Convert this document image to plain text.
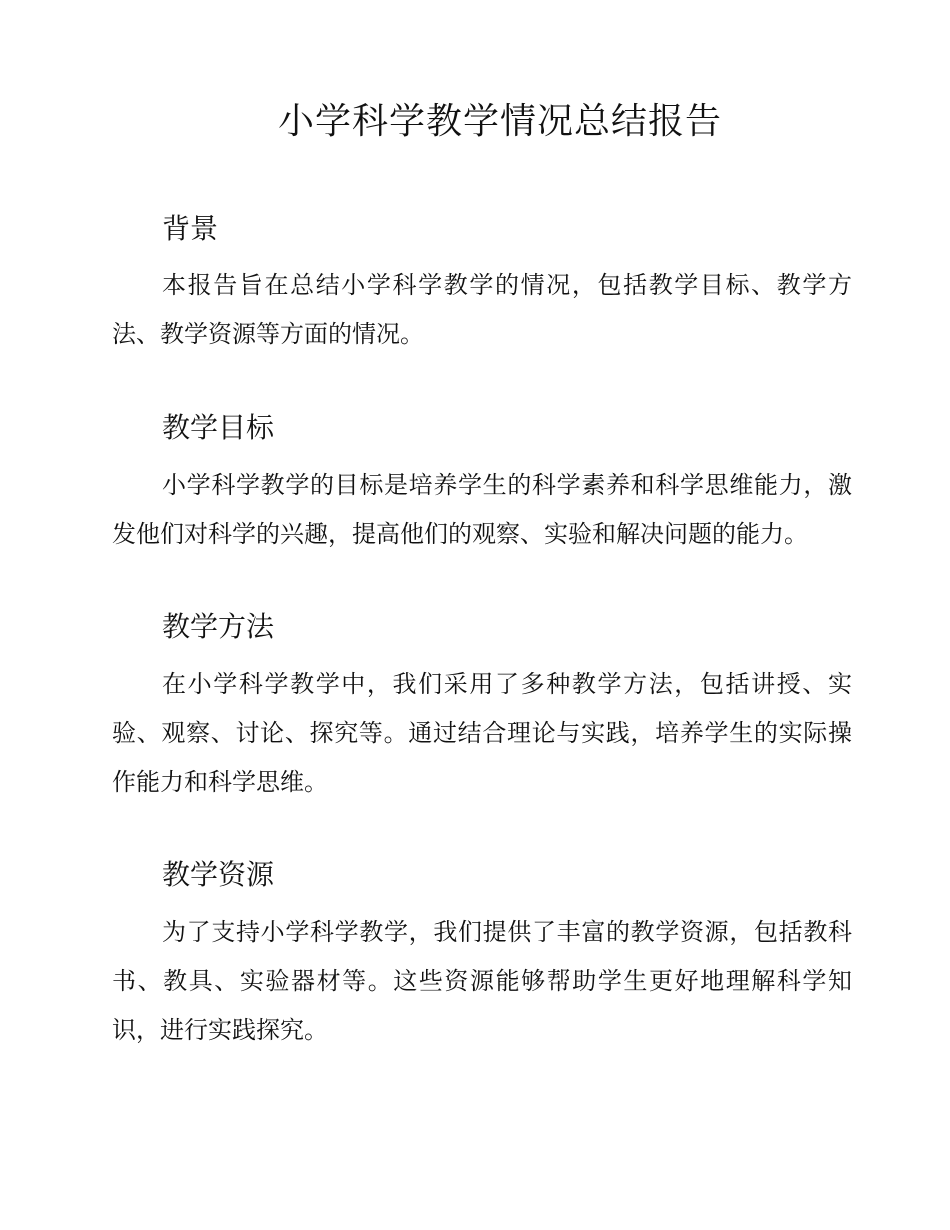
小学科学教学情况总结报告
背景

本报告旨在总结小学科学教学的情况，包括教学目标、教学方法、教学资源等方面的情况。

教学目标

小学科学教学的目标是培养学生的科学素养和科学思维能力，激发他们对科学的兴趣，提高他们的观察、实验和解决问题的能力。

教学方法

在小学科学教学中，我们采用了多种教学方法，包括讲授、实验、观察、讨论、探究等。通过结合理论与实践，培养学生的实际操作能力和科学思维。

教学资源

为了支持小学科学教学，我们提供了丰富的教学资源，包括教科书、教具、实验器材等。这些资源能够帮助学生更好地理解科学知识，进行实践探究。
